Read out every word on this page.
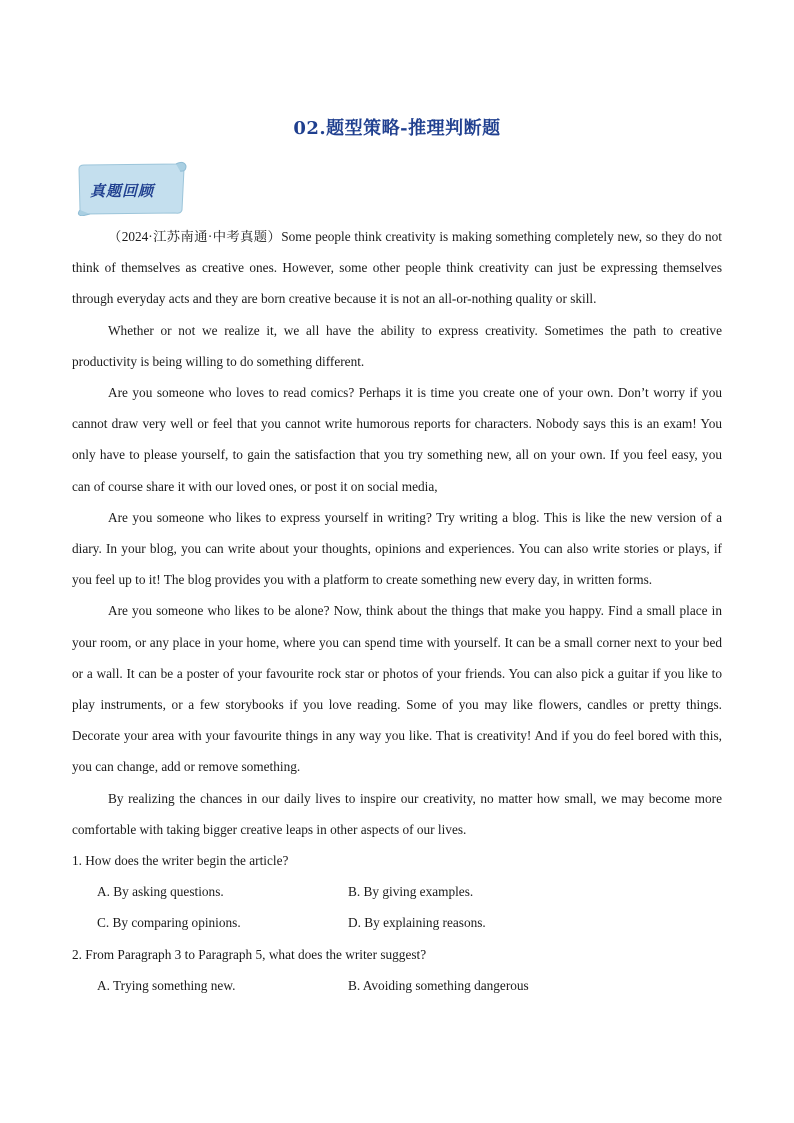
02.题型策略-推理判断题
真题回顾

（2024·江苏南通·中考真题）Some people think creativity is making something completely new, so they do not think of themselves as creative ones. However, some other people think creativity can just be expressing themselves through everyday acts and they are born creative because it is not an all-or-nothing quality or skill.

Whether or not we realize it, we all have the ability to express creativity. Sometimes the path to creative productivity is being willing to do something different.

Are you someone who loves to read comics? Perhaps it is time you create one of your own. Don’t worry if you cannot draw very well or feel that you cannot write humorous reports for characters. Nobody says this is an exam! You only have to please yourself, to gain the satisfaction that you try something new, all on your own. If you feel easy, you can of course share it with our loved ones, or post it on social media,

Are you someone who likes to express yourself in writing? Try writing a blog. This is like the new version of a diary. In your blog, you can write about your thoughts, opinions and experiences. You can also write stories or plays, if you feel up to it! The blog provides you with a platform to create something new every day, in written forms.

Are you someone who likes to be alone? Now, think about the things that make you happy. Find a small place in your room, or any place in your home, where you can spend time with yourself. It can be a small corner next to your bed or a wall. It can be a poster of your favourite rock star or photos of your friends. You can also pick a guitar if you like to play instruments, or a few storybooks if you love reading. Some of you may like flowers, candles or pretty things. Decorate your area with your favourite things in any way you like. That is creativity! And if you do feel bored with this, you can change, add or remove something.

By realizing the chances in our daily lives to inspire our creativity, no matter how small, we may become more comfortable with taking bigger creative leaps in other aspects of our lives.

1. How does the writer begin the article?
A. By asking questions.	B. By giving examples.
C. By comparing opinions.	D. By explaining reasons.
2. From Paragraph 3 to Paragraph 5, what does the writer suggest?
A. Trying something new.	B. Avoiding something dangerous
